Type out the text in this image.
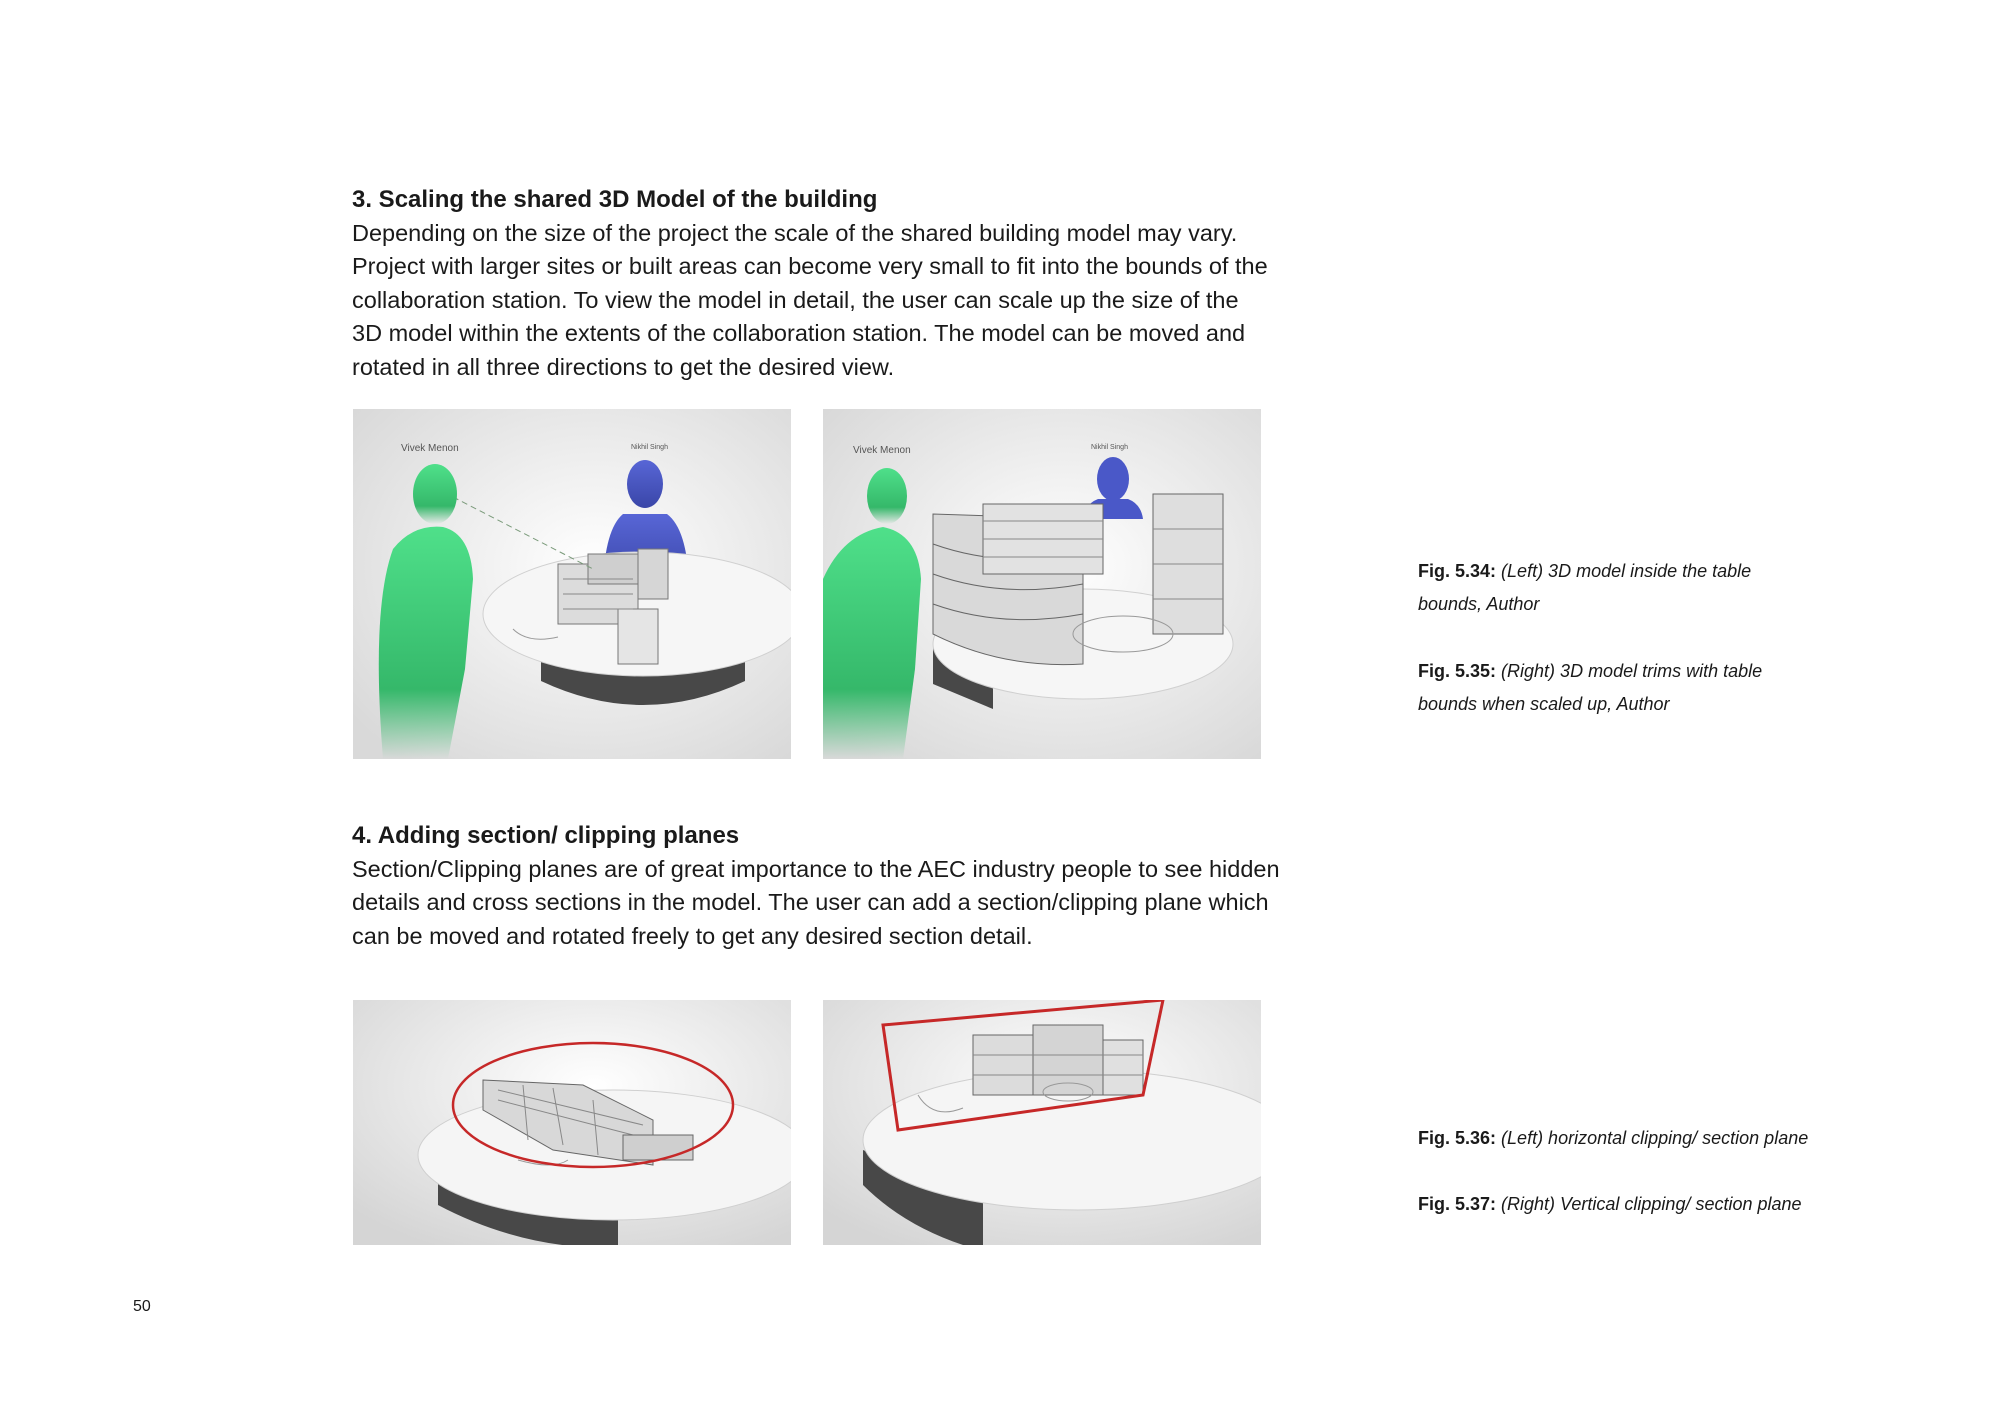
3. Scaling the shared 3D Model of the building

Depending on the size of the project the scale of the shared building model may vary.
Project with larger sites or built areas can become very small to fit into the bounds of the
collaboration station. To view the model in detail, the user can scale up the size of the
3D model within the extents of the collaboration station. The model can be moved and
rotated in all three directions to get the desired view.

Vivek Menon	Nikhil Singh	Vivek Menon	Nikhil Singh

Fig. 5.34: (Left) 3D model inside the table
bounds, Author

Fig. 5.35: (Right) 3D model trims with table
bounds when scaled up, Author

4. Adding section/ clipping planes

Section/Clipping planes are of great importance to the AEC industry people to see hidden
details and cross sections in the model. The user can add a section/clipping plane which
can be moved and rotated freely to get any desired section detail.

Fig. 5.36: (Left) horizontal clipping/ section plane

Fig. 5.37: (Right) Vertical clipping/ section plane

50
